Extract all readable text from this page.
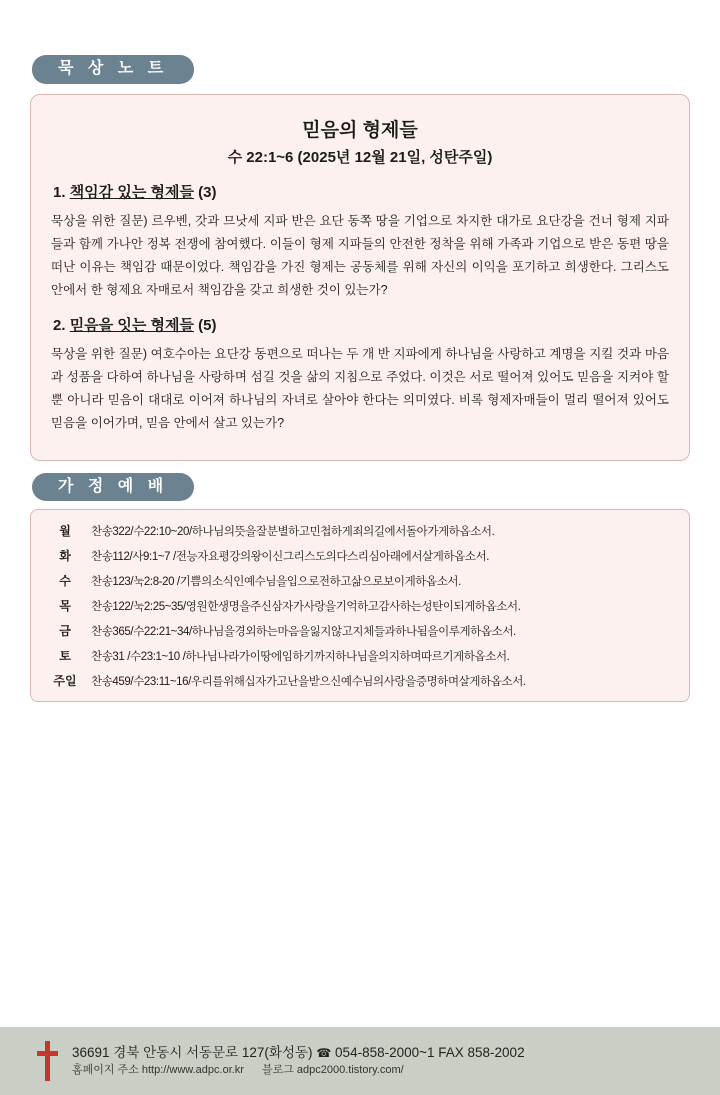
묵 상 노 트
믿음의 형제들
수 22:1~6 (2025년 12월 21일, 성탄주일)
1. 책임감 있는 형제들 (3)

묵상을 위한 질문) 르우벤, 갓과 므낫세 지파 반은 요단 동쪽 땅을 기업으로 차지한 대가로 요단강을 건너 형제 지파들과 함께 가나안 정복 전쟁에 참여했다. 이들이 형제 지파들의 안전한 정착을 위해 가족과 기업으로 받은 동편 땅을 떠난 이유는 책임감 때문이었다. 책임감을 가진 형제는 공동체를 위해 자신의 이익을 포기하고 희생한다. 그리스도 안에서 한 형제요 자매로서 책임감을 갖고 희생한 것이 있는가?

2. 믿음을 잇는 형제들 (5)

묵상을 위한 질문) 여호수아는 요단강 동편으로 떠나는 두 개 반 지파에게 하나님을 사랑하고 계명을 지킬 것과 마음과 성품을 다하여 하나님을 사랑하며 섬길 것을 삶의 지침으로 주었다. 이것은 서로 떨어져 있어도 믿음을 지켜야 할 뿐 아니라 믿음이 대대로 이어져 하나님의 자녀로 살아야 한다는 의미였다. 비록 형제자매들이 멀리 떨어져 있어도 믿음을 이어가며, 믿음 안에서 살고 있는가?

가 정 예 배
월	찬송322/수22:10~20/하나님의뜻을잘분별하고민첩하게죄의길에서돌아가게하옵소서.
화	찬송112/사9:1~7 /전능자요평강의왕이신그리스도의다스리심아래에서살게하옵소서.
수	찬송123/눅2:8-20 /기쁨의소식인예수님을입으로전하고삶으로보이게하옵소서.
목	찬송122/눅2:25~35/영원한생명을주신삼자가사랑을기억하고감사하는성탄이되게하옵소서.
금	찬송365/수22:21~34/하나님을경외하는마음을잃지않고지체들과하나됨을이루게하옵소서.
토	찬송31 /수23:1~10 /하나님나라가이땅에임하기까지하나님을의지하며따르기게하옵소서.
주일	찬송459/수23:11~16/우리를위해십자가고난을받으신예수님의사랑을증명하며살게하옵소서.
36691 경북 안동시 서동문로 127(화성동) ☎ 054-858-2000~1 FAX 858-2002
홈페이지 주소 http://www.adpc.or.kr 블로그 adpc2000.tistory.com/
